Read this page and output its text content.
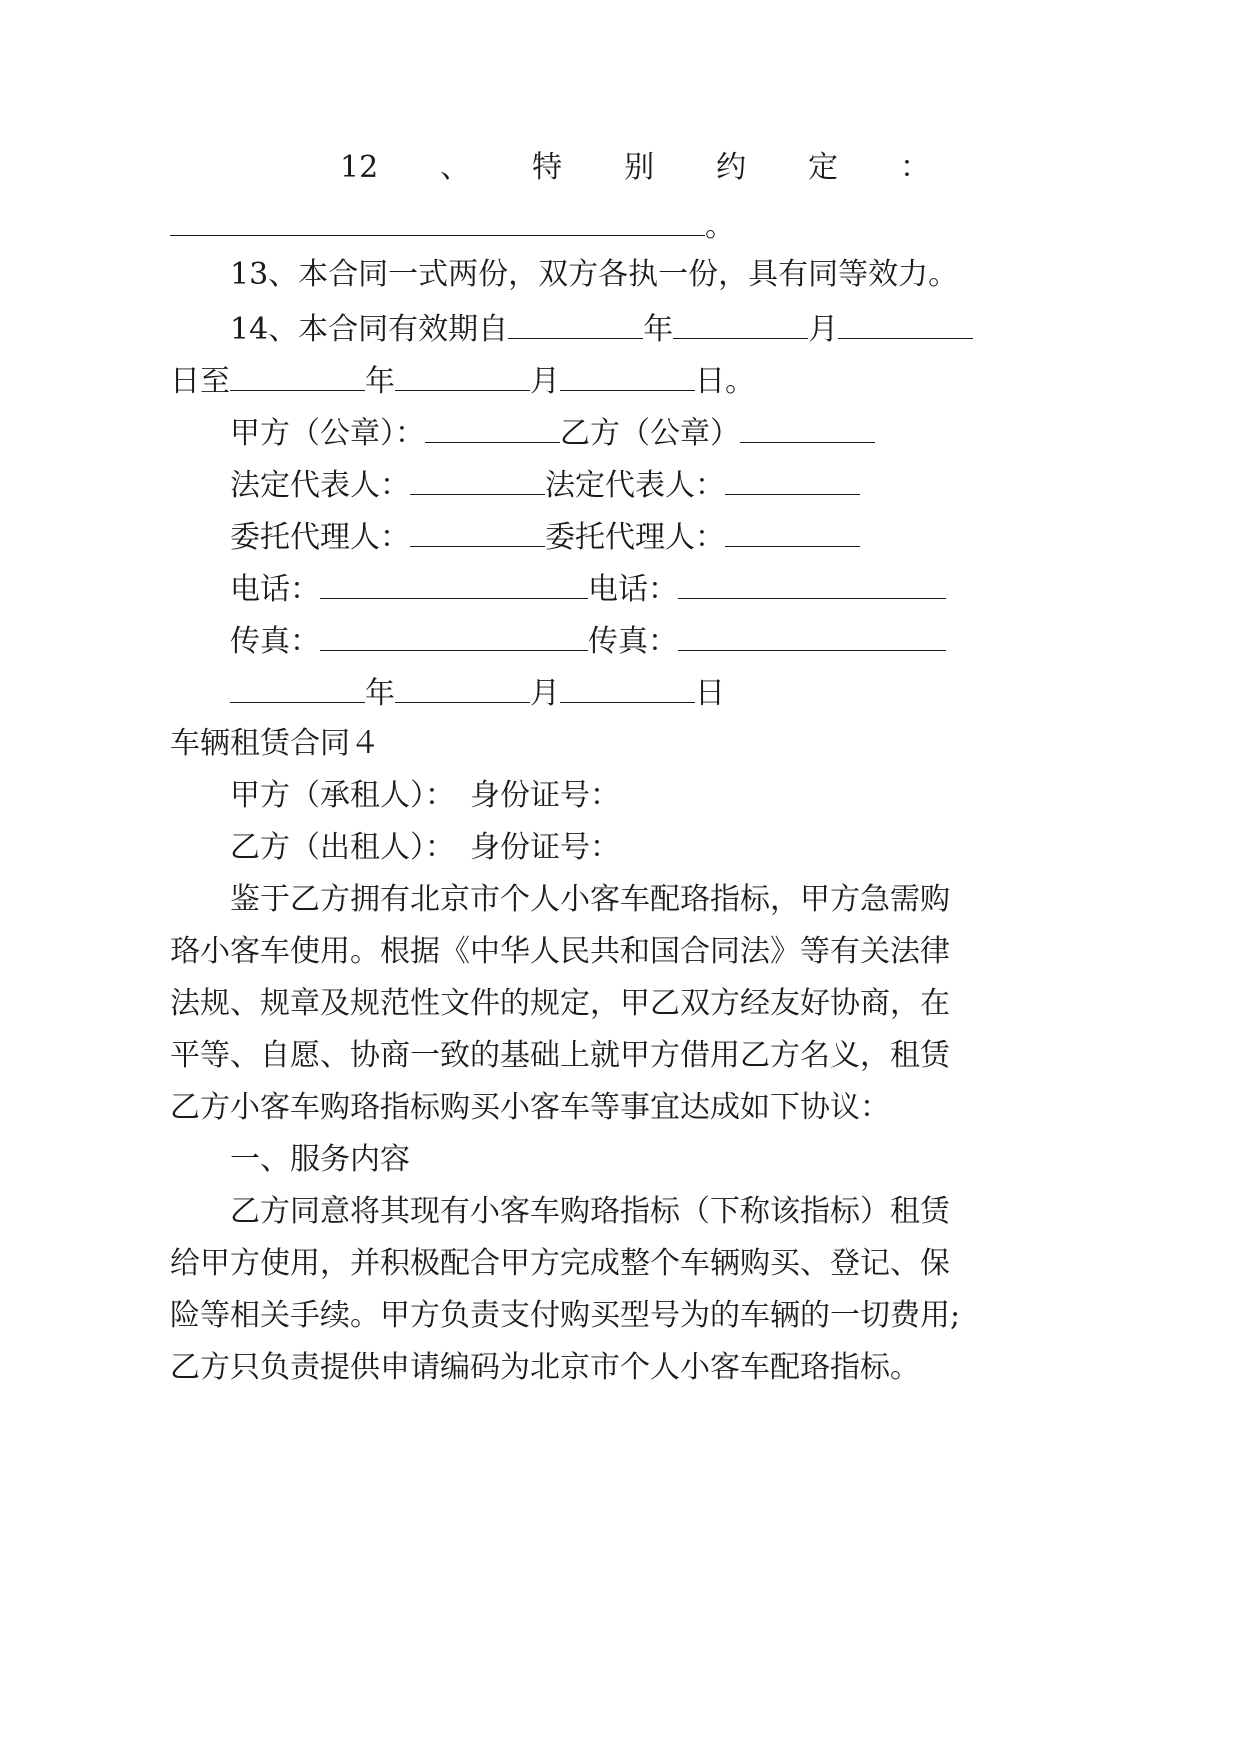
12 、 特 别 约 定 ：
。
13、本合同一式两份，双方各执一份，具有同等效力。
14、本合同有效期自	年	月
日至	年	月	日。
甲方（公章）：	乙方（公章）
法定代表人：	法定代表人：
委托代理人：	委托代理人：
电话：	电话：
传真：	传真：
年	月	日
车辆租赁合同４
甲方（承租人）：　身份证号：
乙方（出租人）：　身份证号：
鉴于乙方拥有北京市个人小客车配珞指标，甲方急需购
珞小客车使用。根据《中华人民共和国合同法》等有关法律
法规、规章及规范性文件的规定，甲乙双方经友好协商，在
平等、自愿、协商一致的基础上就甲方借用乙方名义，租赁
乙方小客车购珞指标购买小客车等事宜达成如下协议：
一、服务内容
乙方同意将其现有小客车购珞指标（下称该指标）租赁
给甲方使用，并积极配合甲方完成整个车辆购买、登记、保
险等相关手续。甲方负责支付购买型号为的车辆的一切费用;
乙方只负责提供申请编码为北京市个人小客车配珞指标。
